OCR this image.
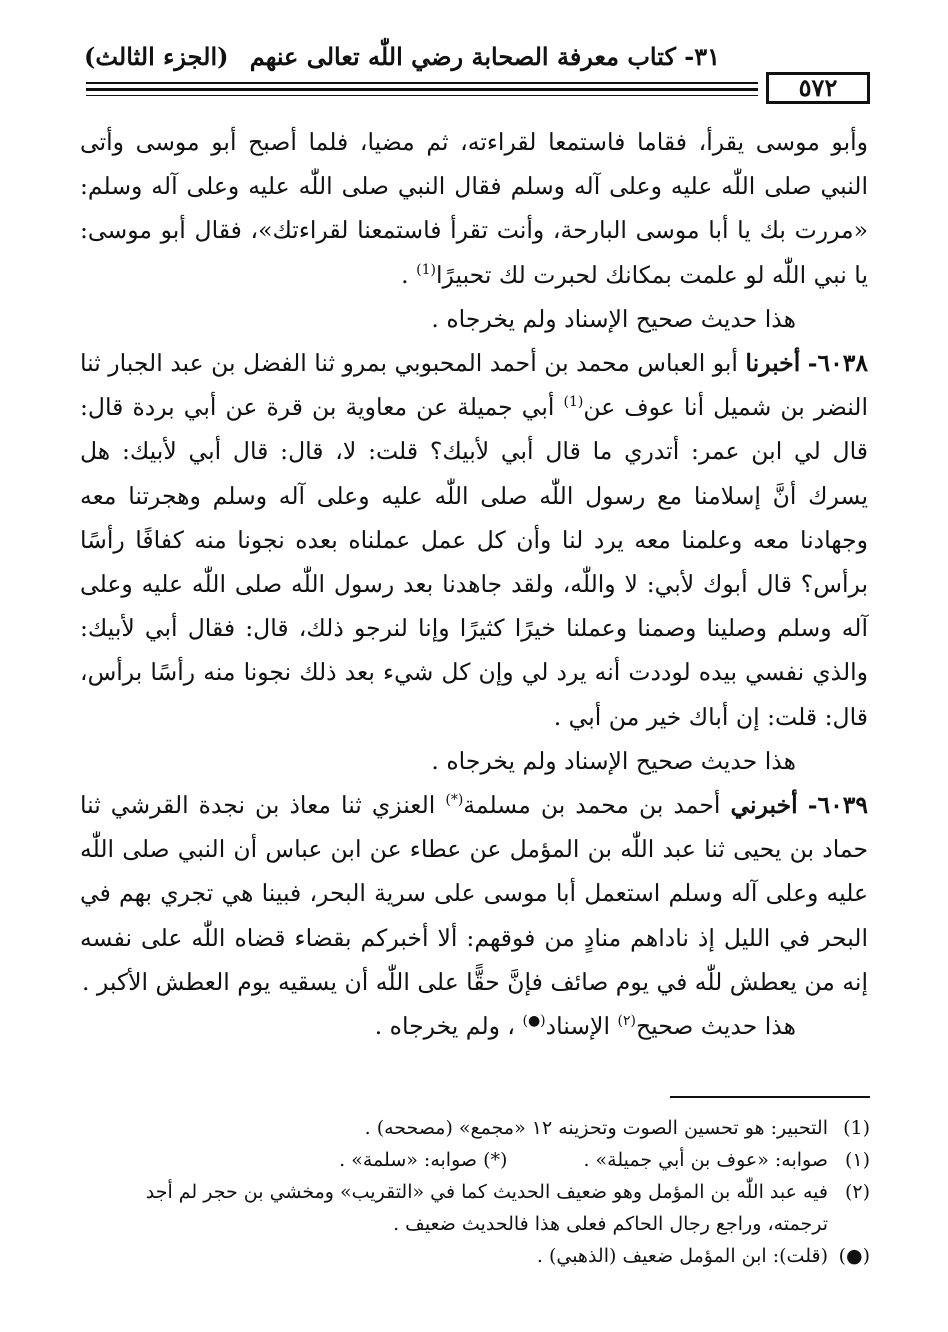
٣١- كتاب معرفة الصحابة رضي اللّٰه تعالى عنهم
(الجزء الثالث)
٥٧٢

وأبو موسى يقرأ، فقاما فاستمعا لقراءته، ثم مضيا، فلما أصبح أبو موسى وأتى النبي صلى اللّٰه عليه وعلى آله وسلم فقال النبي صلى اللّٰه عليه وعلى آله وسلم: «مررت بك يا أبا موسى البارحة، وأنت تقرأ فاستمعنا لقراءتك»، فقال أبو موسى: يا نبي اللّٰه لو علمت بمكانك لحبرت لك تحبيرًا$^{(1)}$ .

هذا حديث صحيح الإسناد ولم يخرجاه .

٦٠٣٨- أخبرنا أبو العباس محمد بن أحمد المحبوبي بمرو ثنا الفضل بن عبد الجبار ثنا النضر بن شميل أنا عوف عن$^{(1)}$ أبي جميلة عن معاوية بن قرة عن أبي بردة قال: قال لي ابن عمر: أتدري ما قال أبي لأبيك؟ قلت: لا، قال: قال أبي لأبيك: هل يسرك أنَّ إسلامنا مع رسول اللّٰه صلى اللّٰه عليه وعلى آله وسلم وهجرتنا معه وجهادنا معه وعلمنا معه يرد لنا وأن كل عمل عملناه بعده نجونا منه كفافًا رأسًا برأس؟ قال أبوك لأبي: لا واللّٰه، ولقد جاهدنا بعد رسول اللّٰه صلى اللّٰه عليه وعلى آله وسلم وصلينا وصمنا وعملنا خيرًا كثيرًا وإنا لنرجو ذلك، قال: فقال أبي لأبيك: والذي نفسي بيده لوددت أنه يرد لي وإن كل شيء بعد ذلك نجونا منه رأسًا برأس، قال: قلت: إن أباك خير من أبي .

هذا حديث صحيح الإسناد ولم يخرجاه .

٦٠٣٩- أخبرني أحمد بن محمد بن مسلمة(*) العنزي ثنا معاذ بن نجدة القرشي ثنا حماد بن يحيى ثنا عبد اللّٰه بن المؤمل عن عطاء عن ابن عباس أن النبي صلى اللّٰه عليه وعلى آله وسلم استعمل أبا موسى على سرية البحر، فبينا هي تجري بهم في البحر في الليل إذ ناداهم منادٍ من فوقهم: ألا أخبركم بقضاء قضاه اللّٰه على نفسه إنه من يعطش للّٰه في يوم صائف فإنَّ حقًّا على اللّٰه أن يسقيه يوم العطش الأكبر .

هذا حديث صحيح$^{(٢)}$ الإسناد(●) ، ولم يخرجاه .

(1)
التحبير: هو تحسين الصوت وتحزينه ١٢ «مجمع» (مصححه) .

(١)
صوابه: «عوف بن أبي جميلة» . (*) صوابه: «سلمة» .

(٢)
فيه عبد اللّٰه بن المؤمل وهو ضعيف الحديث كما في «التقريب» ومخشي بن حجر لم أجد ترجمته، وراجع رجال الحاكم فعلى هذا فالحديث ضعيف .

(●)
(قلت): ابن المؤمل ضعيف (الذهبي) .
